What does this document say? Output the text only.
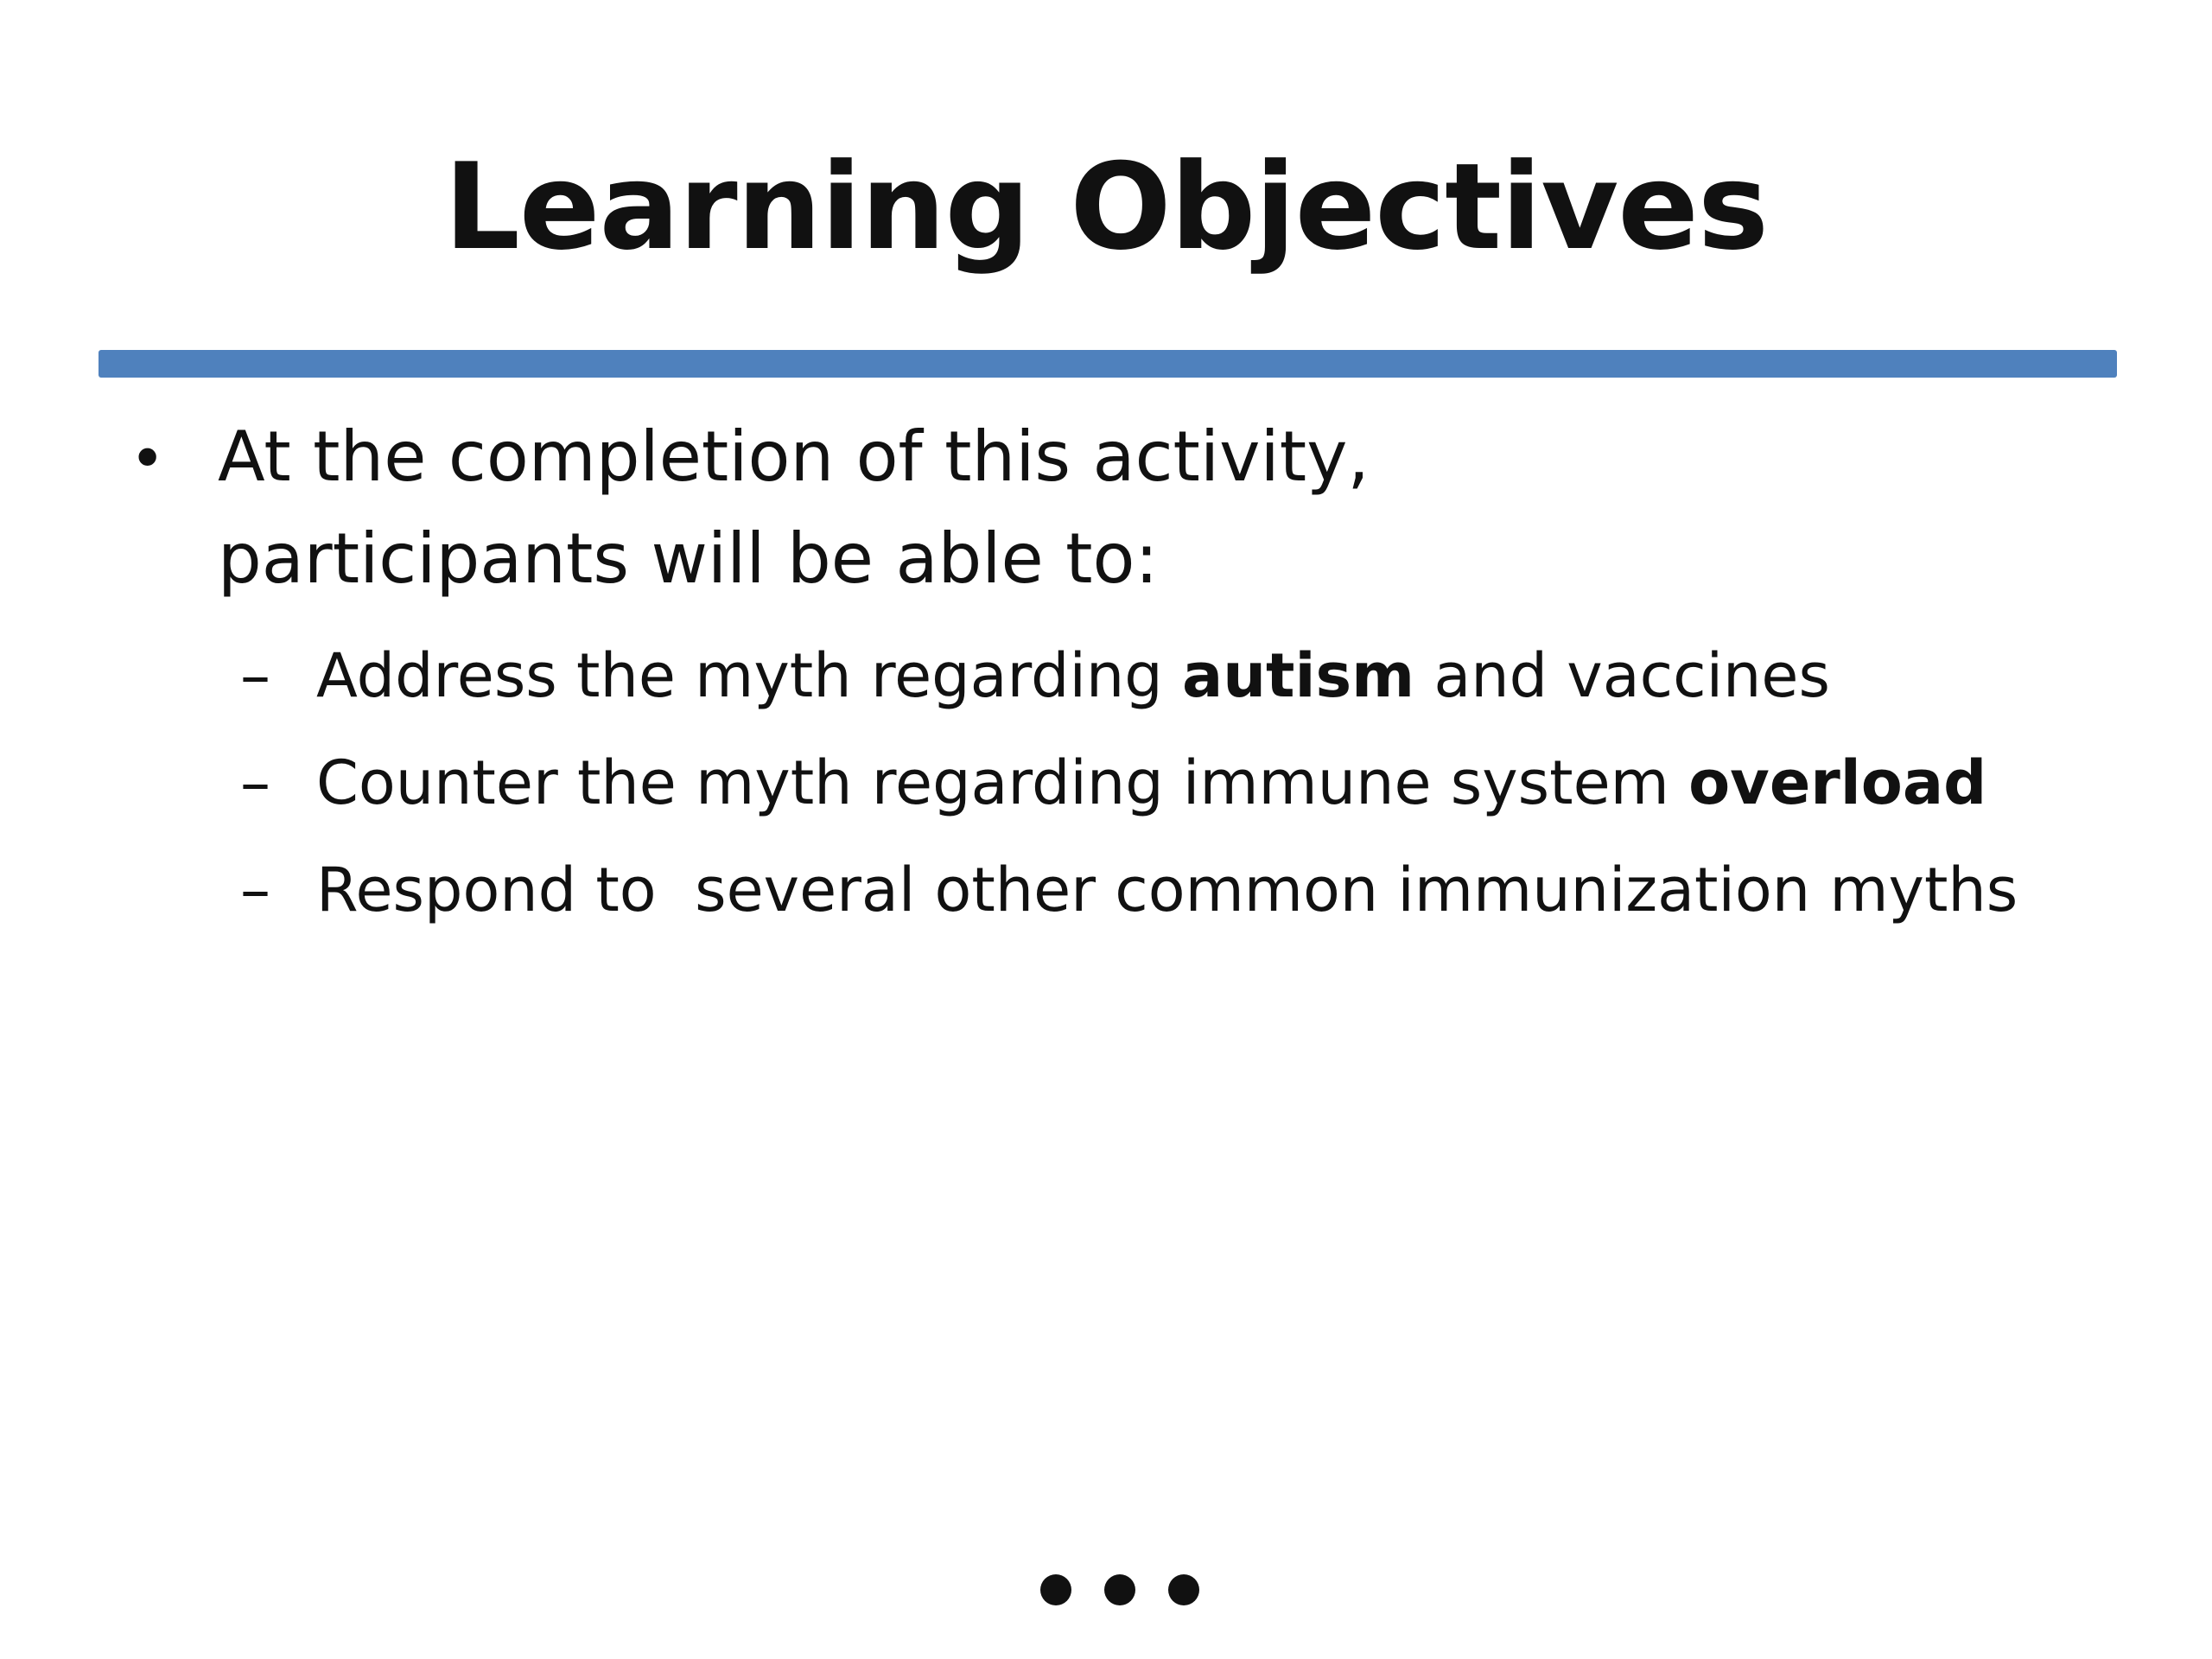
Learning Objectives
• At the completion of this activity,
participants will be able to:

–

Address the myth regarding autism and vaccines

–

Counter the myth regarding immune system overload

–

Respond to  several other common immunization myths
